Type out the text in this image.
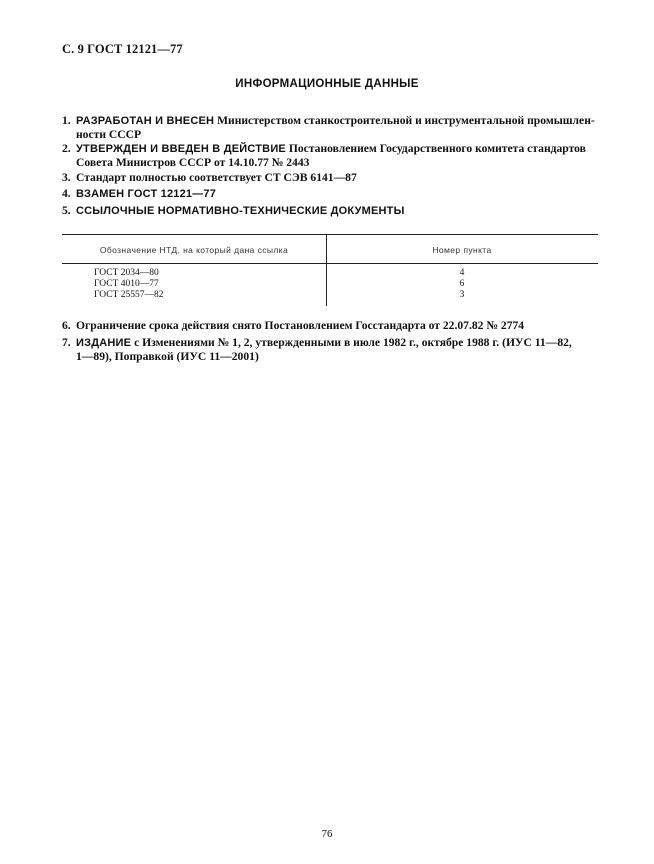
С. 9 ГОСТ 12121—77
ИНФОРМАЦИОННЫЕ ДАННЫЕ
1. РАЗРАБОТАН И ВНЕСЕН Министерством станкостроительной и инструментальной промышлен-
ности СССР
2. УТВЕРЖДЕН И ВВЕДЕН В ДЕЙСТВИЕ Постановлением Государственного комитета стандартов
Совета Министров СССР от 14.10.77 № 2443
3. Стандарт полностью соответствует СТ СЭВ 6141—87
4. ВЗАМЕН ГОСТ 12121—77
5. ССЫЛОЧНЫЕ НОРМАТИВНО-ТЕХНИЧЕСКИЕ ДОКУМЕНТЫ
Обозначение НТД, на который дана ссылка	Номер пункта
ГОСТ 2034—80	4
ГОСТ 4010—77	6
ГОСТ 25557—82	3
6. Ограничение срока действия снято Постановлением Госстандарта от 22.07.82 № 2774
7. ИЗДАНИЕ с Изменениями № 1, 2, утвержденными в июле 1982 г., октябре 1988 г. (ИУС 11—82,
1—89), Поправкой (ИУС 11—2001)
76
